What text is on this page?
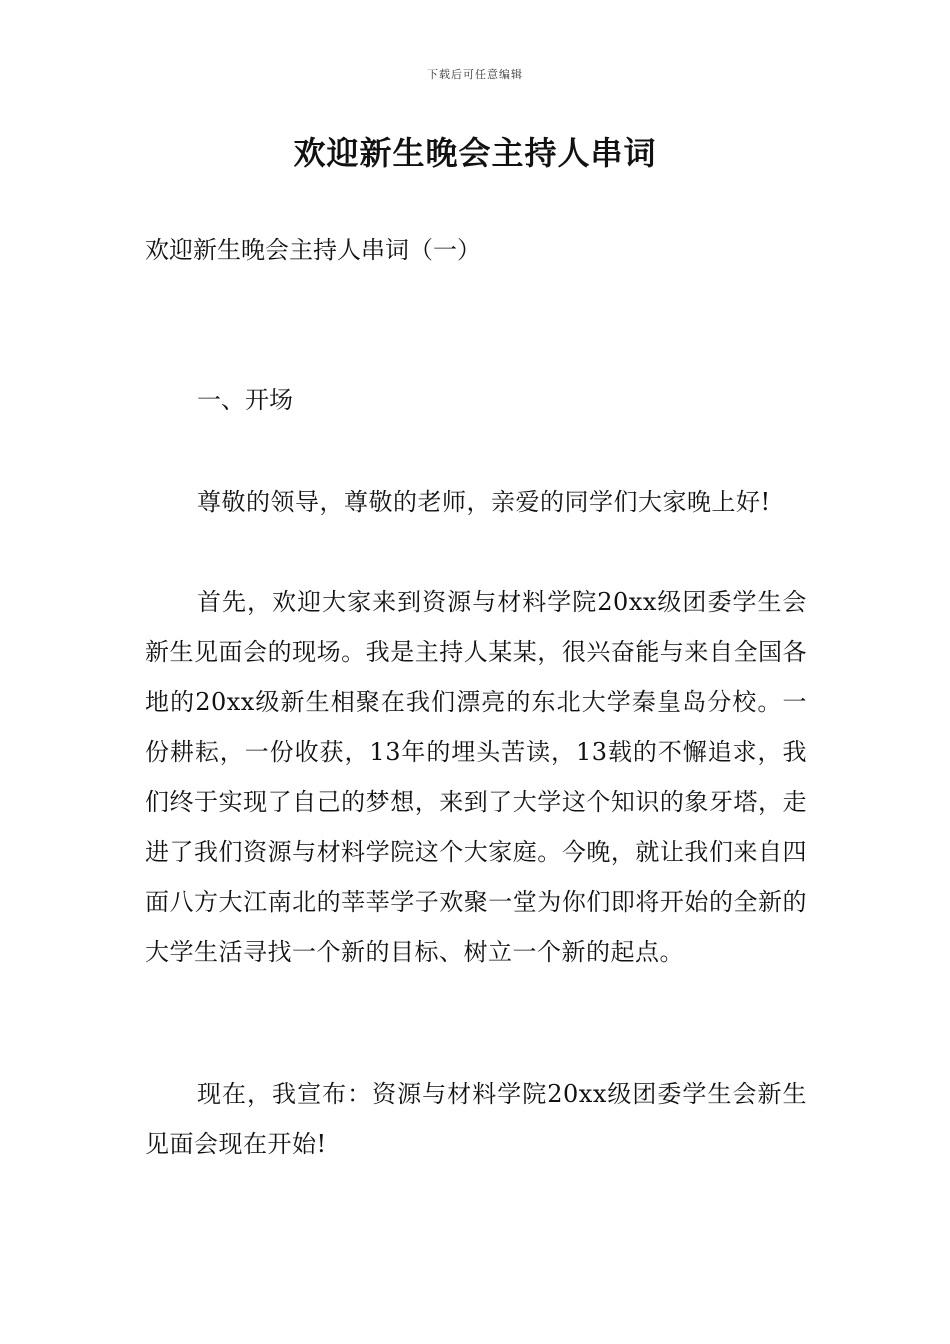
下载后可任意编辑
欢迎新生晚会主持人串词

欢迎新生晚会主持人串词（一）

一、开场

尊敬的领导，尊敬的老师，亲爱的同学们大家晚上好!

首先，欢迎大家来到资源与材料学院20xx级团委学生会新生见面会的现场。我是主持人某某，很兴奋能与来自全国各地的20xx级新生相聚在我们漂亮的东北大学秦皇岛分校。一份耕耘，一份收获，13年的埋头苦读，13载的不懈追求，我们终于实现了自己的梦想，来到了大学这个知识的象牙塔，走进了我们资源与材料学院这个大家庭。今晚，就让我们来自四面八方大江南北的莘莘学子欢聚一堂为你们即将开始的全新的大学生活寻找一个新的目标、树立一个新的起点。

现在，我宣布：资源与材料学院20xx级团委学生会新生见面会现在开始!
